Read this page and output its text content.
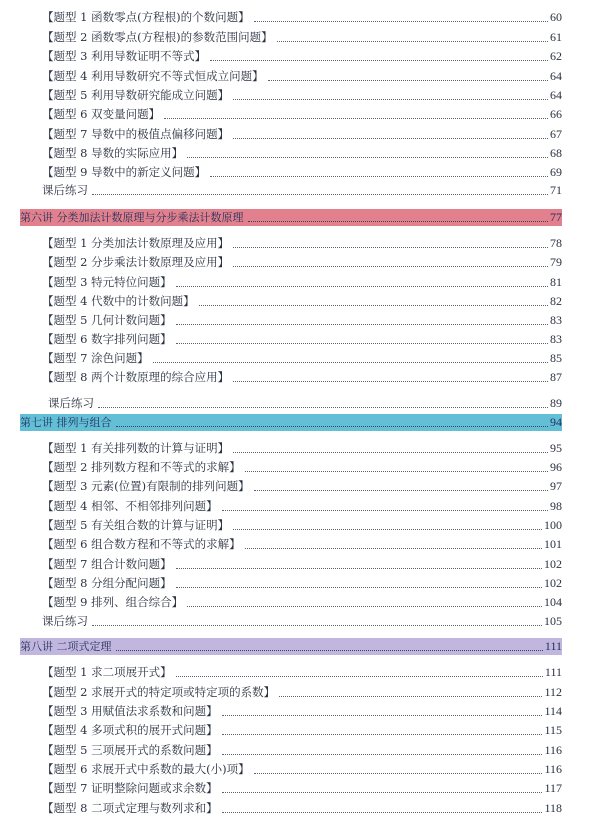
【题型 1 函数零点(方程根)的个数问题】	60
【题型 2 函数零点(方程根)的参数范围问题】	61
【题型 3 利用导数证明不等式】	62
【题型 4 利用导数研究不等式恒成立问题】	64
【题型 5 利用导数研究能成立问题】	64
【题型 6 双变量问题】	66
【题型 7 导数中的极值点偏移问题】	67
【题型 8 导数的实际应用】	68
【题型 9 导数中的新定义问题】	69
课后练习	71
第六讲 分类加法计数原理与分步乘法计数原理	77
【题型 1 分类加法计数原理及应用】	78
【题型 2 分步乘法计数原理及应用】	79
【题型 3 特元特位问题】	81
【题型 4 代数中的计数问题】	82
【题型 5 几何计数问题】	83
【题型 6 数字排列问题】	83
【题型 7 涂色问题】	85
【题型 8 两个计数原理的综合应用】	87
课后练习	89
第七讲 排列与组合	94
【题型 1 有关排列数的计算与证明】	95
【题型 2 排列数方程和不等式的求解】	96
【题型 3 元素(位置)有限制的排列问题】	97
【题型 4 相邻、不相邻排列问题】	98
【题型 5 有关组合数的计算与证明】	100
【题型 6 组合数方程和不等式的求解】	101
【题型 7 组合计数问题】	102
【题型 8 分组分配问题】	102
【题型 9 排列、组合综合】	104
课后练习	105
第八讲 二项式定理	111
【题型 1 求二项展开式】	111
【题型 2 求展开式的特定项或特定项的系数】	112
【题型 3 用赋值法求系数和问题】	114
【题型 4 多项式积的展开式问题】	115
【题型 5 三项展开式的系数问题】	116
【题型 6 求展开式中系数的最大(小)项】	116
【题型 7 证明整除问题或求余数】	117
【题型 8 二项式定理与数列求和】	118
